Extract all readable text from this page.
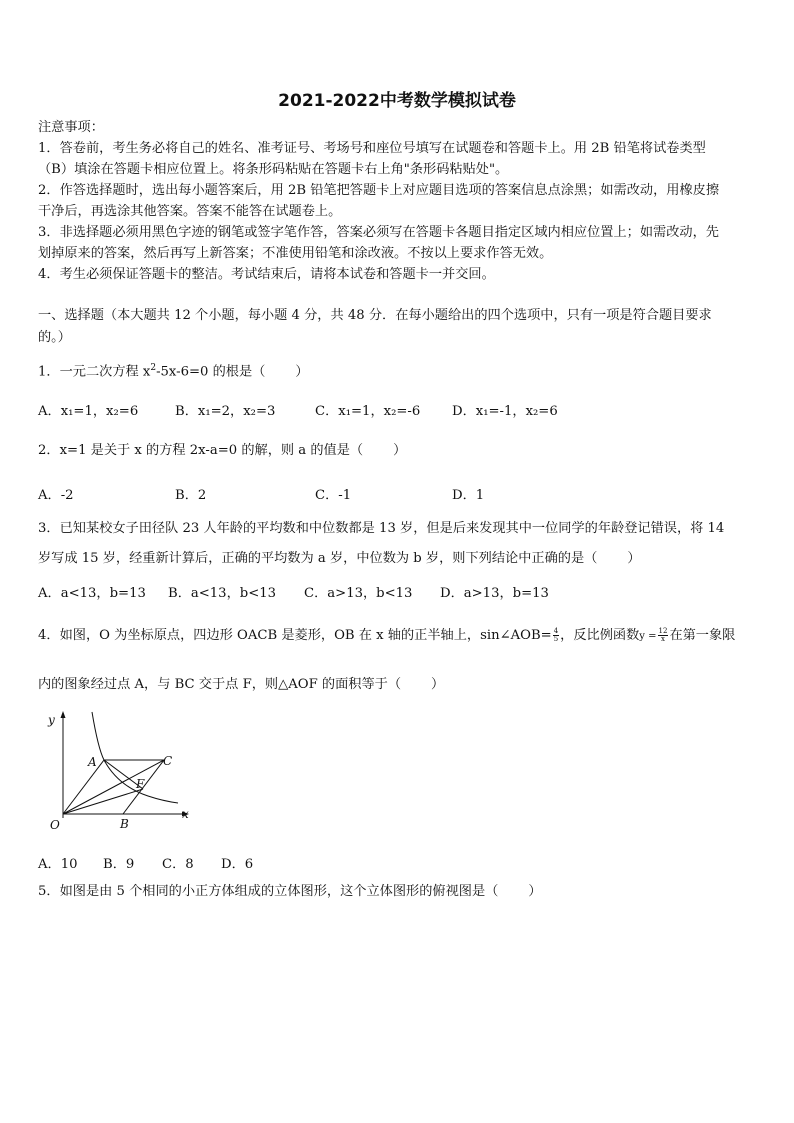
2021-2022中考数学模拟试卷
注意事项：
1．答卷前，考生务必将自己的姓名、准考证号、考场号和座位号填写在试题卷和答题卡上。用 2B 铅笔将试卷类型
（B）填涂在答题卡相应位置上。将条形码粘贴在答题卡右上角"条形码粘贴处"。
2．作答选择题时，选出每小题答案后，用 2B 铅笔把答题卡上对应题目选项的答案信息点涂黑；如需改动，用橡皮擦
干净后，再选涂其他答案。答案不能答在试题卷上。
3．非选择题必须用黑色字迹的钢笔或签字笔作答，答案必须写在答题卡各题目指定区域内相应位置上；如需改动，先
划掉原来的答案，然后再写上新答案；不准使用铅笔和涂改液。不按以上要求作答无效。
4．考生必须保证答题卡的整洁。考试结束后，请将本试卷和答题卡一并交回。
一、选择题（本大题共 12 个小题，每小题 4 分，共 48 分．在每小题给出的四个选项中，只有一项是符合题目要求
的。）
1．一元二次方程 $x^2-5x-6=0$ 的根是（ ）
A．x₁=1，x₂=6	B．x₁=2，x₂=3	C．x₁=1，x₂=-6 D．x₁=-1，x₂=6
2．x=1 是关于 x 的方程 2x-a=0 的解，则 a 的值是（ ）
A．-2	B．2	C．-1	D．1
3．已知某校女子田径队 23 人年龄的平均数和中位数都是 13 岁，但是后来发现其中一位同学的年龄登记错误，将 14
岁写成 15 岁，经重新计算后，正确的平均数为 a 岁，中位数为 b 岁，则下列结论中正确的是（ ）
A．a<13，b=13 B．a<13，b<13 C．a>13，b<13 D．a>13，b=13
4．如图，O 为坐标原点，四边形 OACB 是菱形，OB 在 x 轴的正半轴上，sin∠AOB= $\frac{4}{5}$ ，反比例函数$y = \frac{12}{x}$ 在第一象限
内的图象经过点 A，与 BC 交于点 F，则△AOF 的面积等于（ ）
y
x
O
A
B
C
F
A．10 B．9 C．8 D．6
5．如图是由 5 个相同的小正方体组成的立体图形，这个立体图形的俯视图是（ ）
